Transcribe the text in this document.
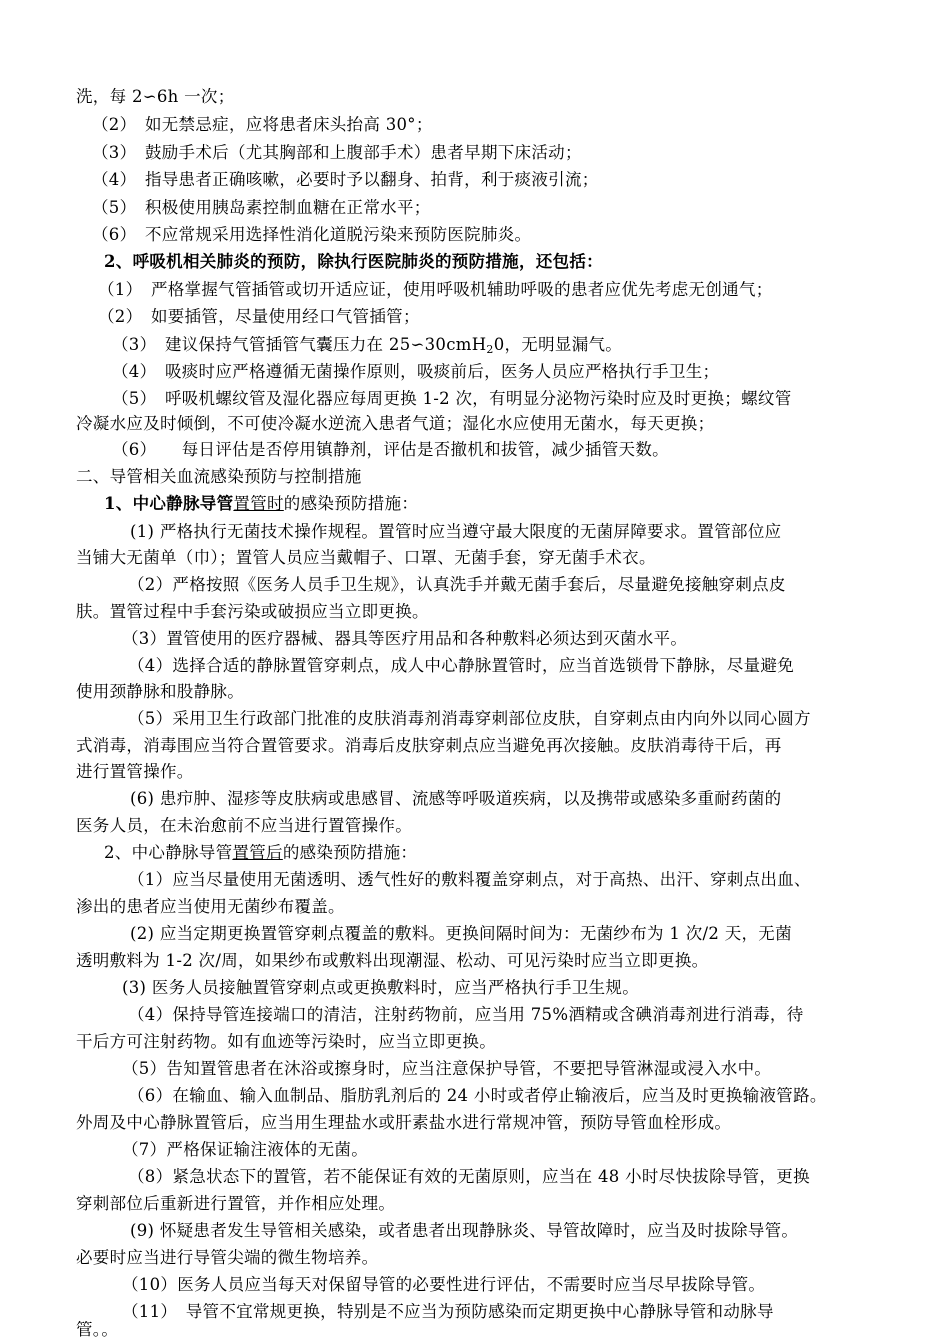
洗，每 2∽6h 一次；
（2）　如无禁忌症，应将患者床头抬高 30°；
（3）　鼓励手术后（尤其胸部和上腹部手术）患者早期下床活动；
（4）　指导患者正确咳嗽，必要时予以翻身、拍背，利于痰液引流；
（5）　积极使用胰岛素控制血糖在正常水平；
（6）　不应常规采用选择性消化道脱污染来预防医院肺炎。
2、呼吸机相关肺炎的预防，除执行医院肺炎的预防措施，还包括：
（1）　严格掌握气管插管或切开适应证，使用呼吸机辅助呼吸的患者应优先考虑无创通气；
（2）　如要插管，尽量使用经口气管插管；
（3）　建议保持气管插管气囊压力在 25∽30cmH$_2$0，无明显漏气。
（4）　吸痰时应严格遵循无菌操作原则，吸痰前后，医务人员应严格执行手卫生；
（5）　呼吸机螺纹管及湿化器应每周更换 1-2 次，有明显分泌物污染时应及时更换；螺纹管
冷凝水应及时倾倒，不可使冷凝水逆流入患者气道；湿化水应使用无菌水，每天更换；
（6）　　每日评估是否停用镇静剂，评估是否撤机和拔管，减少插管天数。
二、导管相关血流感染预防与控制措施
1、中心静脉导管置管时的感染预防措施：
(1) 严格执行无菌技术操作规程。置管时应当遵守最大限度的无菌屏障要求。置管部位应
当铺大无菌单（巾）；置管人员应当戴帽子、口罩、无菌手套，穿无菌手术衣。
（2）严格按照《医务人员手卫生规》，认真洗手并戴无菌手套后，尽量避免接触穿刺点皮
肤。置管过程中手套污染或破损应当立即更换。
（3）置管使用的医疗器械、器具等医疗用品和各种敷料必须达到灭菌水平。
（4）选择合适的静脉置管穿刺点，成人中心静脉置管时，应当首选锁骨下静脉，尽量避免
使用颈静脉和股静脉。
（5）采用卫生行政部门批准的皮肤消毒剂消毒穿刺部位皮肤，自穿刺点由内向外以同心圆方
式消毒，消毒围应当符合置管要求。消毒后皮肤穿刺点应当避免再次接触。皮肤消毒待干后，再
进行置管操作。
(6) 患疖肿、湿疹等皮肤病或患感冒、流感等呼吸道疾病，以及携带或感染多重耐药菌的
医务人员，在未治愈前不应当进行置管操作。
2、中心静脉导管置管后的感染预防措施：
（1）应当尽量使用无菌透明、透气性好的敷料覆盖穿刺点，对于高热、出汗、穿刺点出血、
渗出的患者应当使用无菌纱布覆盖。
(2) 应当定期更换置管穿刺点覆盖的敷料。更换间隔时间为：无菌纱布为 1 次/2 天，无菌
透明敷料为 1-2 次/周，如果纱布或敷料出现潮湿、松动、可见污染时应当立即更换。
(3) 医务人员接触置管穿刺点或更换敷料时，应当严格执行手卫生规。
（4）保持导管连接端口的清洁，注射药物前，应当用 75%酒精或含碘消毒剂进行消毒，待
干后方可注射药物。如有血迹等污染时，应当立即更换。
（5）告知置管患者在沐浴或擦身时，应当注意保护导管，不要把导管淋湿或浸入水中。
（6）在输血、输入血制品、脂肪乳剂后的 24 小时或者停止输液后，应当及时更换输液管路。
外周及中心静脉置管后，应当用生理盐水或肝素盐水进行常规冲管，预防导管血栓形成。
（7）严格保证输注液体的无菌。
（8）紧急状态下的置管，若不能保证有效的无菌原则，应当在 48 小时尽快拔除导管，更换
穿刺部位后重新进行置管，并作相应处理。
(9) 怀疑患者发生导管相关感染，或者患者出现静脉炎、导管故障时，应当及时拔除导管。
必要时应当进行导管尖端的微生物培养。
（10）医务人员应当每天对保留导管的必要性进行评估，不需要时应当尽早拔除导管。
（11）　导管不宜常规更换，特别是不应当为预防感染而定期更换中心静脉导管和动脉导
管。。
